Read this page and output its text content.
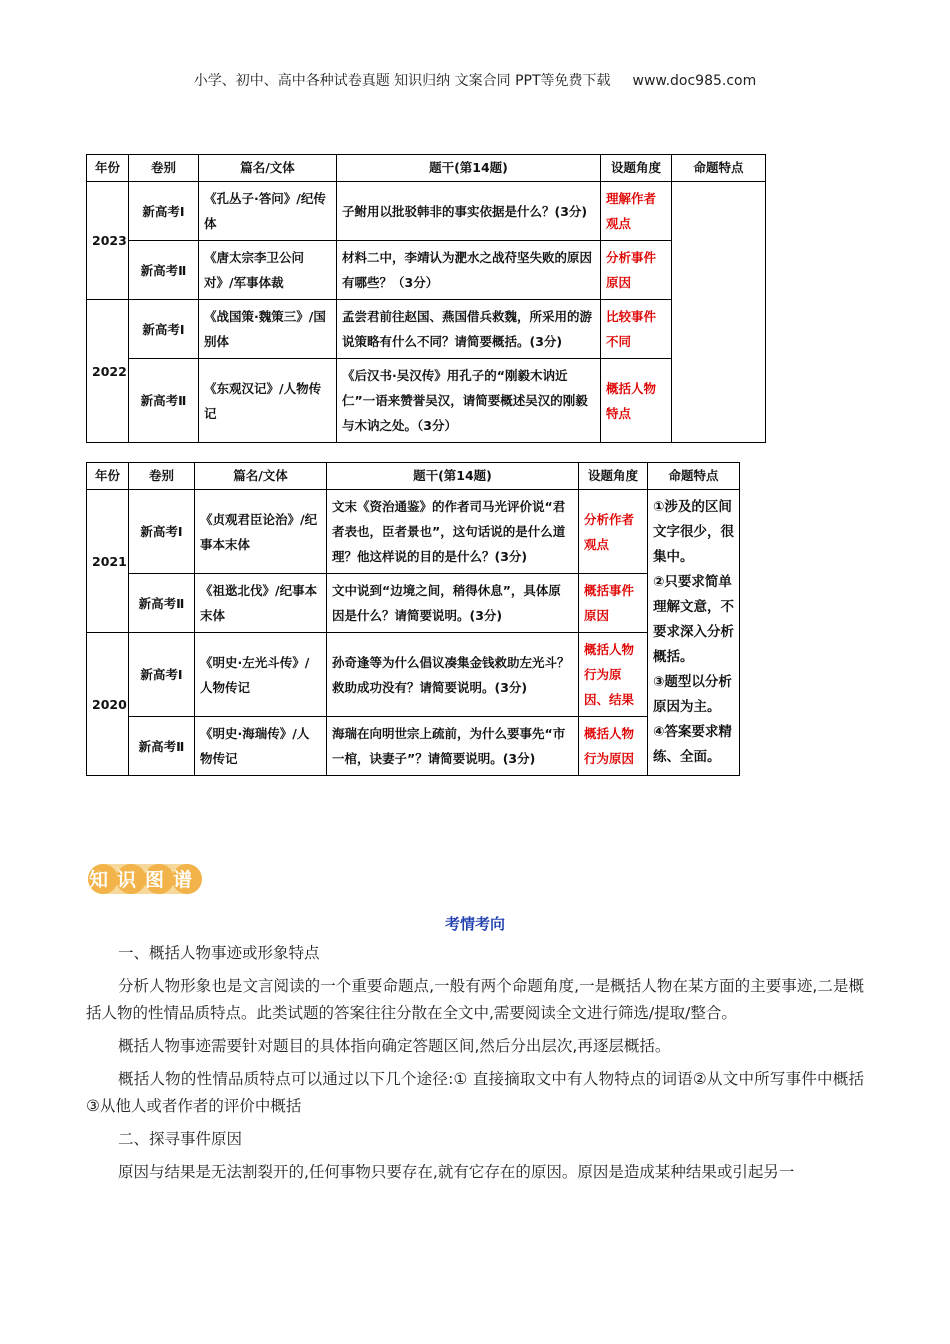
小学、初中、高中各种试卷真题 知识归纳 文案合同 PPT等免费下载 www.doc985.com
年份	卷别	篇名/文体	题干(第14题)	设题角度	命题特点
2023	新高考Ⅰ	《孔丛子·答问》/纪传体	子鲋用以批驳韩非的事实依据是什么？(3分)	理解作者观点	
	新高考Ⅱ	《唐太宗李卫公问对》/军事体裁	材料二中，李靖认为淝水之战苻坚失败的原因有哪些？（3分）	分析事件原因	
2022	新高考Ⅰ	《战国策·魏策三》/国别体	孟尝君前往赵国、燕国借兵救魏，所采用的游说策略有什么不同？请简要概括。(3分)	比较事件不同	
	新高考Ⅱ	《东观汉记》/人物传记	《后汉书·吴汉传》用孔子的“刚毅木讷近仁”一语来赞誉吴汉，请简要概述吴汉的刚毅与木讷之处。（3分）	概括人物特点	
年份	卷别	篇名/文体	题干(第14题)	设题角度	命题特点
2021	新高考Ⅰ	《贞观君臣论治》/纪事本末体	文末《资治通鉴》的作者司马光评价说“君者表也，臣者景也”，这句话说的是什么道理？他这样说的目的是什么？(3分)	分析作者观点	①涉及的区间文字很少，很集中。
②只要求简单理解文意，不要求深入分析概括。
③题型以分析原因为主。
④答案要求精练、全面。

	新高考Ⅱ	《祖逖北伐》/纪事本末体	文中说到“边境之间，稍得休息”，具体原因是什么？请简要说明。(3分)	概括事件原因	
2020	新高考Ⅰ	《明史·左光斗传》/人物传记	孙奇逢等为什么倡议凑集金钱救助左光斗？救助成功没有？请简要说明。(3分)	概括人物行为原因、结果	
	新高考Ⅱ	《明史·海瑞传》/人物传记	海瑞在向明世宗上疏前，为什么要事先“市一棺，诀妻子”？请简要说明。(3分)	概括人物行为原因	
知识图谱
考情考向

一、概括人物事迹或形象特点

分析人物形象也是文言阅读的一个重要命题点,一般有两个命题角度,一是概括人物在某方面的主要事迹,二是概括人物的性情品质特点。此类试题的答案往往分散在全文中,需要阅读全文进行筛选/提取/整合。

概括人物事迹需要针对题目的具体指向确定答题区间,然后分出层次,再逐层概括。

概括人物的性情品质特点可以通过以下几个途径:① 直接摘取文中有人物特点的词语②从文中所写事件中概括③从他人或者作者的评价中概括

二、探寻事件原因

原因与结果是无法割裂开的,任何事物只要存在,就有它存在的原因。原因是造成某种结果或引起另一
